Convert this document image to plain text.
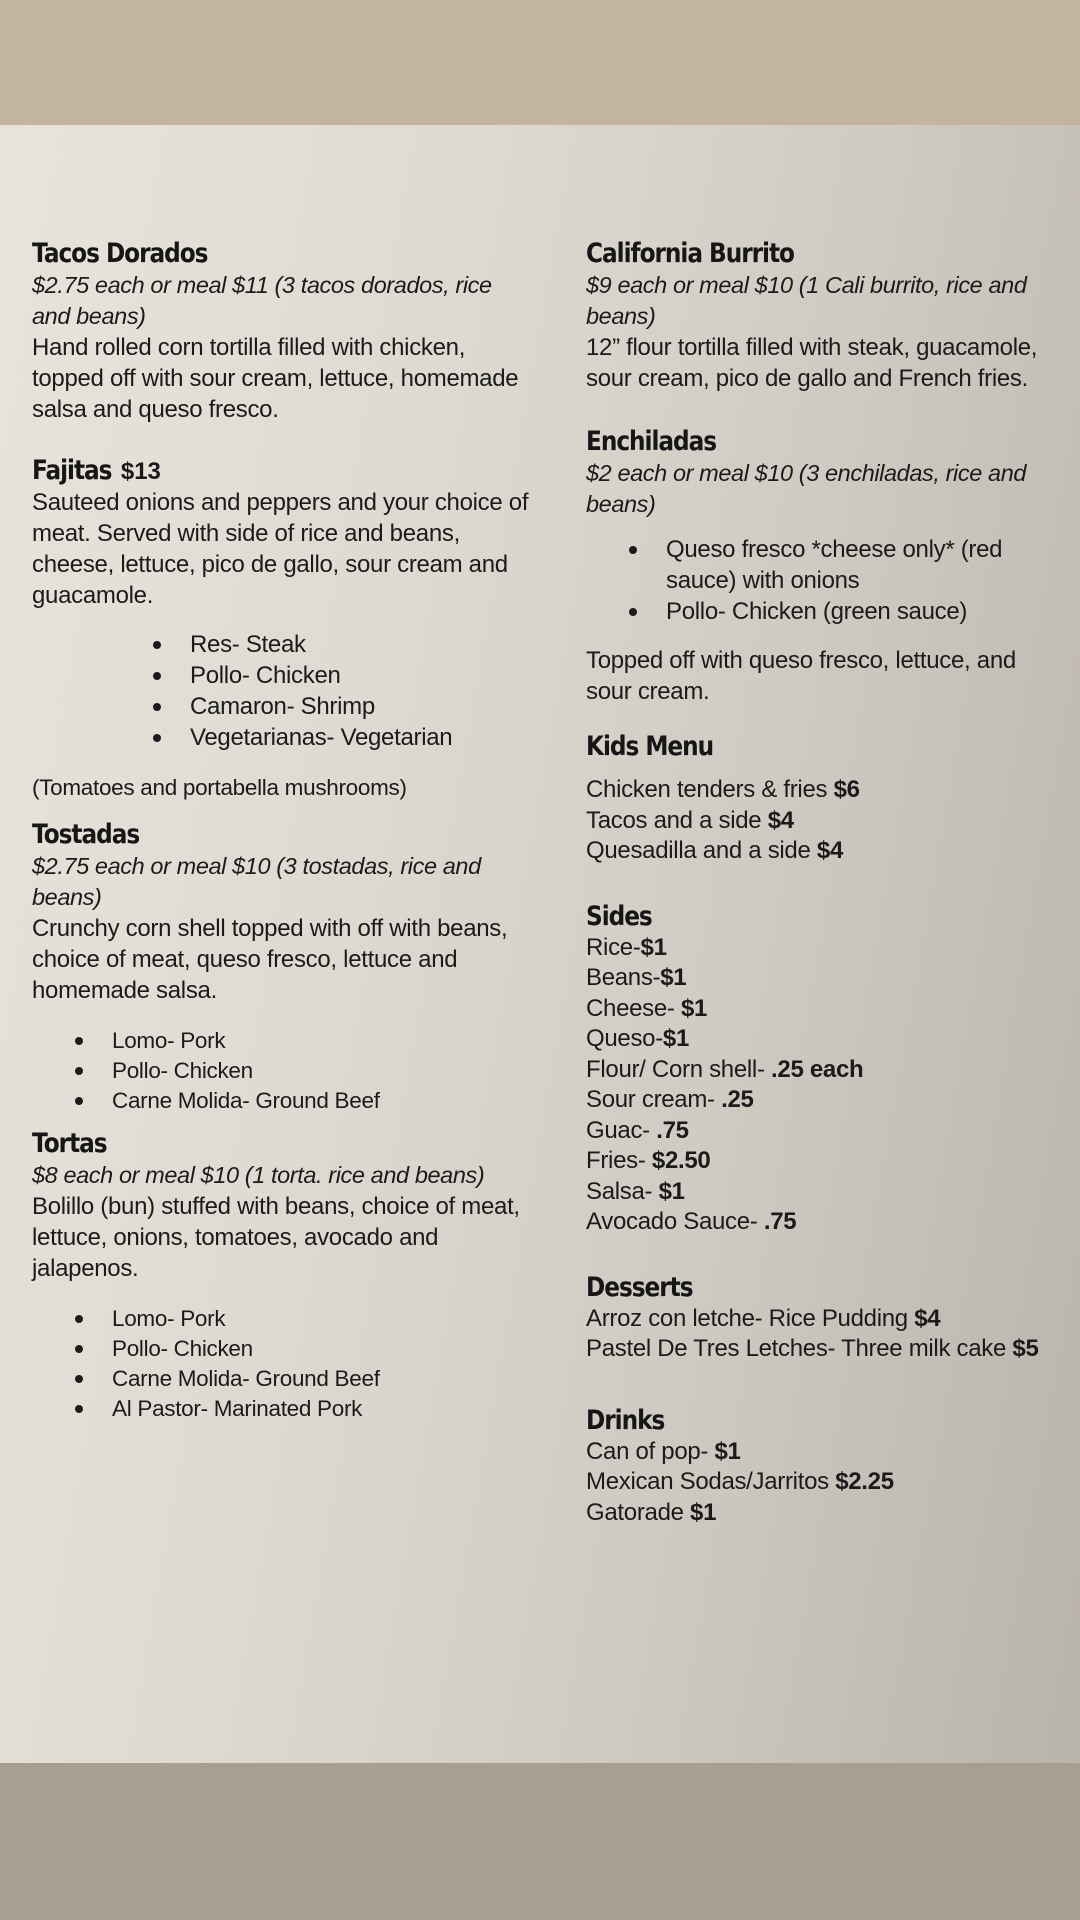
Tacos Dorados
$2.75 each or meal $11 (3 tacos dorados, rice and beans)
Hand rolled corn tortilla filled with chicken, topped off with sour cream, lettuce, homemade salsa and queso fresco.
Fajitas $13
Sauteed onions and peppers and your choice of meat. Served with side of rice and beans, cheese, lettuce, pico de gallo, sour cream and guacamole.
Res- Steak
Pollo- Chicken
Camaron- Shrimp
Vegetarianas- Vegetarian
(Tomatoes and portabella mushrooms)
Tostadas
$2.75 each or meal $10 (3 tostadas, rice and beans)
Crunchy corn shell topped with off with beans, choice of meat, queso fresco, lettuce and homemade salsa.
Lomo- Pork
Pollo- Chicken
Carne Molida- Ground Beef
Tortas
$8 each or meal $10 (1 torta. rice and beans)
Bolillo (bun) stuffed with beans, choice of meat, lettuce, onions, tomatoes, avocado and jalapenos.
Lomo- Pork
Pollo- Chicken
Carne Molida- Ground Beef
Al Pastor- Marinated Pork
California Burrito
$9 each or meal $10 (1 Cali burrito, rice and beans)
12” flour tortilla filled with steak, guacamole, sour cream, pico de gallo and French fries.
Enchiladas
$2 each or meal $10 (3 enchiladas, rice and beans)
Queso fresco *cheese only* (red sauce) with onions
Pollo- Chicken (green sauce)
Topped off with queso fresco, lettuce, and sour cream.
Kids Menu
Chicken tenders & fries $6
Tacos and a side $4
Quesadilla and a side $4
Sides
Rice-$1
Beans-$1
Cheese- $1
Queso-$1
Flour/ Corn shell- .25 each
Sour cream- .25
Guac- .75
Fries- $2.50
Salsa- $1
Avocado Sauce- .75
Desserts
Arroz con letche- Rice Pudding $4
Pastel De Tres Letches- Three milk cake $5
Drinks
Can of pop- $1
Mexican Sodas/Jarritos $2.25
Gatorade $1
